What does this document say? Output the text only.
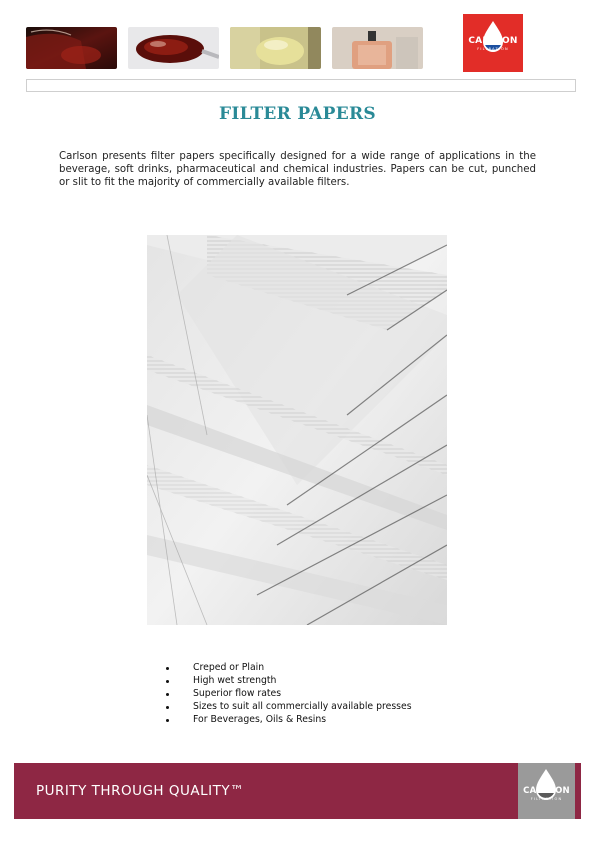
CARLSON
FILTRATION
FILTER PAPERS
Carlson presents filter papers specifically designed for a wide range of applications in the beverage, soft drinks, pharmaceutical and chemical industries. Papers can be cut, punched or slit to fit the majority of commercially available filters.
Creped or Plain
High wet strength
Superior flow rates
Sizes to suit all commercially available presses
For Beverages, Oils & Resins
PURITY THROUGH QUALITY™	CARLSON
FILTRATION
